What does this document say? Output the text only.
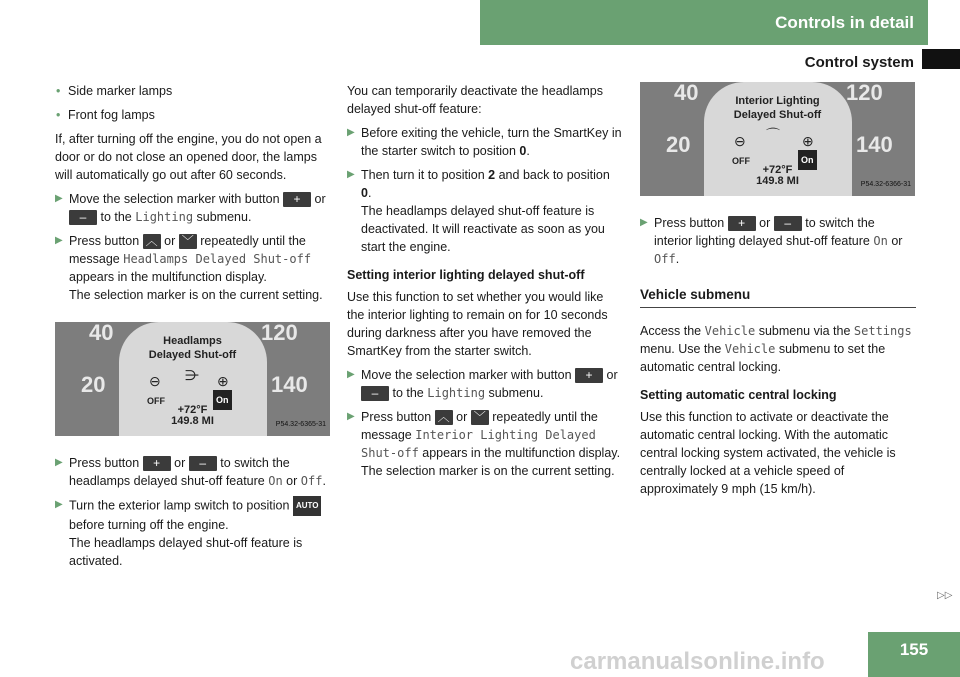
Controls in detail
Control system
• Side marker lamps
• Front fog lamps

If, after turning off the engine, you do not open a door or do not close an opened door, the lamps will automatically go out after 60 seconds.

▶ Move the selection marker with button + or – to the Lighting submenu.
▶ Press button ︿ or ﹀ repeatedly until the message Headlamps Delayed Shut-off appears in the multifunction display.
The selection marker is on the current setting.
40	120
20	140
Headlamps
Delayed Shut-off
⊖ ⋺ ⊕
OFF	On
+72°F
149.8 MI	P54.32-6365-31
▶ Press button + or – to switch the headlamps delayed shut-off feature On or Off.
▶ Turn the exterior lamp switch to position AUTO before turning off the engine.
The headlamps delayed shut-off feature is activated.

You can temporarily deactivate the headlamps delayed shut-off feature:

▶ Before exiting the vehicle, turn the SmartKey in the starter switch to position 0.
▶ Then turn it to position 2 and back to position 0.
The headlamps delayed shut-off feature is deactivated. It will reactivate as soon as you start the engine.
Setting interior lighting delayed shut-off

Use this function to set whether you would like the interior lighting to remain on for 10 seconds during darkness after you have removed the SmartKey from the starter switch.

▶ Move the selection marker with button + or – to the Lighting submenu.
▶ Press button ︿ or ﹀ repeatedly until the message Interior Lighting Delayed Shut-off appears in the multifunction display.
The selection marker is on the current setting.
40	120
20	140
Interior Lighting
Delayed Shut-off
⊖ ⌒ ⊕
OFF	On
+72°F
149.8 MI	P54.32-6366-31
▶ Press button + or – to switch the interior lighting delayed shut-off feature On or Off.
Vehicle submenu

Access the Vehicle submenu via the Settings menu. Use the Vehicle submenu to set the automatic central locking.

Setting automatic central locking

Use this function to activate or deactivate the automatic central locking. With the automatic central locking system activated, the vehicle is centrally locked at a vehicle speed of approximately 9 mph (15 km/h).

▷▷
155
carmanualsonline.info
